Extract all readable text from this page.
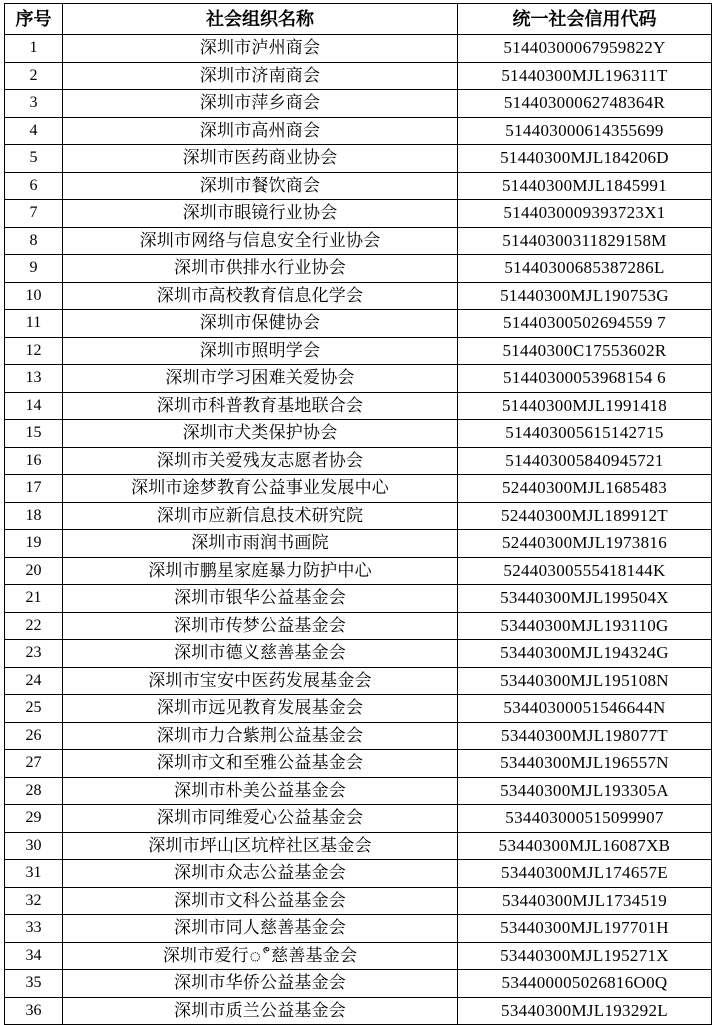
序号	社会组织名称	统一社会信用代码
1	深圳市泸州商会	51440300067959822Y
2	深圳市济南商会	51440300MJL196311T
3	深圳市萍乡商会	51440300062748364R
4	深圳市高州商会	514403000614355699
5	深圳市医药商业协会	51440300MJL184206D
6	深圳市餐饮商会	51440300MJL1845991
7	深圳市眼镜行业协会	5144030009393723X1
8	深圳市网络与信息安全行业协会	51440300311829158M
9	深圳市供排水行业协会	51440300685387286L
10	深圳市高校教育信息化学会	51440300MJL190753G
11	深圳市保健协会	51440300502694559 7
12	深圳市照明学会	51440300C17553602R
13	深圳市学习困难关爱协会	51440300053968154 6
14	深圳市科普教育基地联合会	51440300MJL1991418
15	深圳市犬类保护协会	514403005615142715
16	深圳市关爱残友志愿者协会	514403005840945721
17	深圳市途梦教育公益事业发展中心	52440300MJL1685483
18	深圳市应新信息技术研究院	52440300MJL189912T
19	深圳市雨润书画院	52440300MJL1973816
20	深圳市鹏星家庭暴力防护中心	52440300555418144K
21	深圳市银华公益基金会	53440300MJL199504X
22	深圳市传梦公益基金会	53440300MJL193110G
23	深圳市德义慈善基金会	53440300MJL194324G
24	深圳市宝安中医药发展基金会	53440300MJL195108N
25	深圳市远见教育发展基金会	53440300051546644N
26	深圳市力合紫荆公益基金会	53440300MJL198077T
27	深圳市文和至雅公益基金会	53440300MJL196557N
28	深圳市朴美公益基金会	53440300MJL193305A
29	深圳市同维爱心公益基金会	534403000515099907
30	深圳市坪山区坑梓社区基金会	53440300MJL16087XB
31	深圳市众志公益基金会	53440300MJL174657E
32	深圳市文科公益基金会	53440300MJL1734519
33	深圳市同人慈善基金会	53440300MJL197701H
34	深圳市爱行ீ慈善基金会	53440300MJL195271X
35	深圳市华侨公益基金会	534400005026816O0Q
36	深圳市质兰公益基金会	53440300MJL193292L
